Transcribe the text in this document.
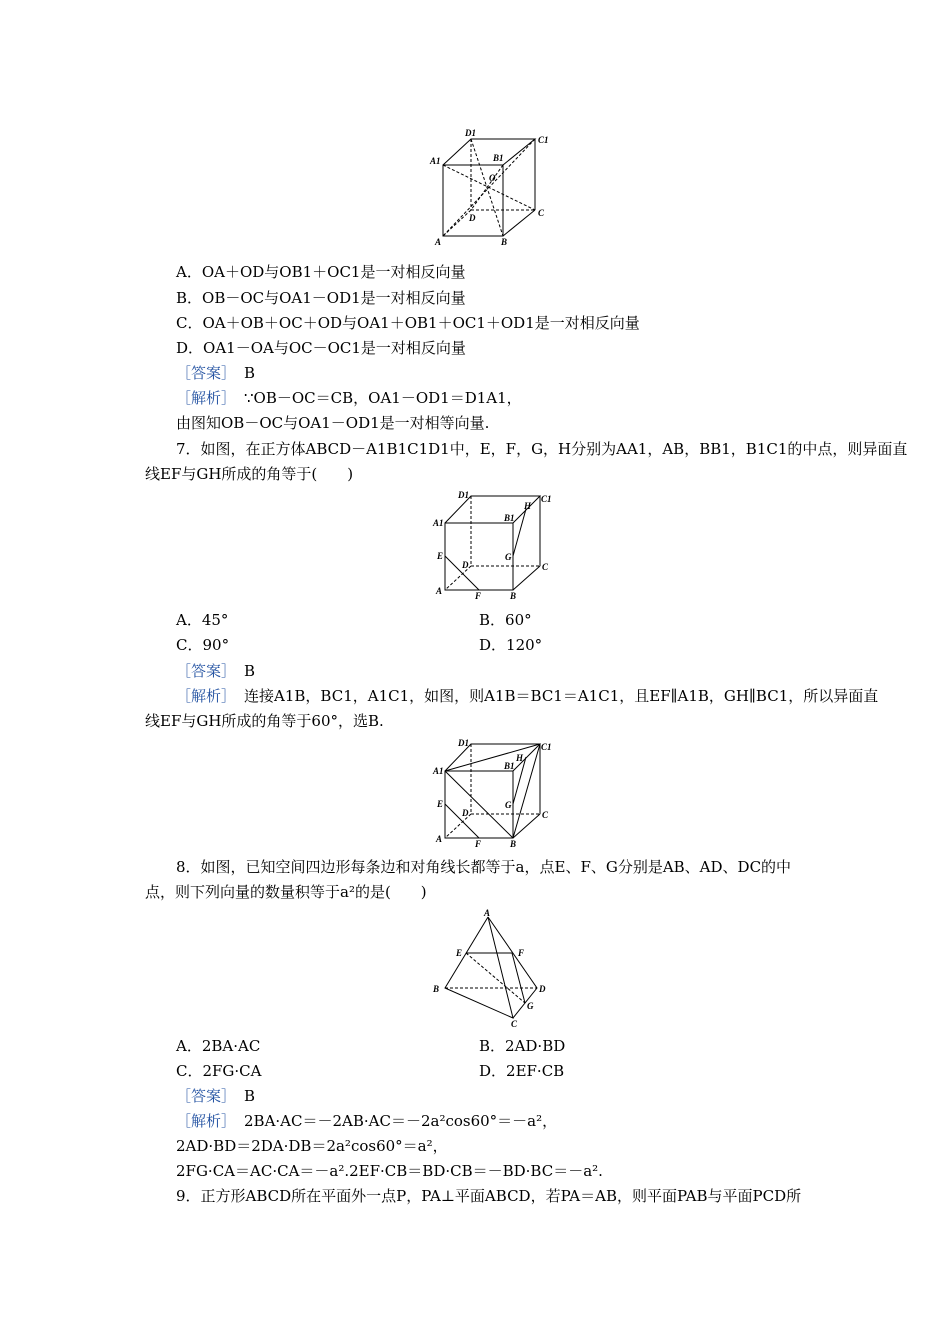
D1
C1
A1	B1
O
D	C
A	B
A．OA＋OD与OB1＋OC1是一对相反向量
B．OB－OC与OA1－OD1是一对相反向量
C．OA＋OB＋OC＋OD与OA1＋OB1＋OC1＋OD1是一对相反向量
D．OA1－OA与OC－OC1是一对相反向量
［答案］ B
［解析］ ∵OB－OC＝CB，OA1－OD1＝D1A1，
由图知OB－OC与OA1－OD1是一对相等向量.
7．如图，在正方体ABCD－A1B1C1D1中，E，F，G，H分别为AA1，AB，BB1，B1C1的中点，则异面直
线EF与GH所成的角等于(　　)
D1	C1
A1	B1
H
E	G
D	C
A	F	B
A．45°	B．60°
C．90°	D．120°
［答案］ B
［解析］ 连接A1B，BC1，A1C1，如图，则A1B＝BC1＝A1C1，且EF∥A1B，GH∥BC1，所以异面直
线EF与GH所成的角等于60°，选B.
D1	C1
A1	B1
H
E	G
D	C
A	F	B
8．如图，已知空间四边形每条边和对角线长都等于a，点E、F、G分别是AB、AD、DC的中
点，则下列向量的数量积等于a²的是(　　)
A
E	F
B	D
G
C
A．2BA·AC	B．2AD·BD
C．2FG·CA	D．2EF·CB
［答案］ B
［解析］ 2BA·AC＝－2AB·AC＝－2a²cos60°＝－a²，
2AD·BD＝2DA·DB＝2a²cos60°＝a²，
2FG·CA＝AC·CA＝－a².2EF·CB＝BD·CB＝－BD·BC＝－a².
9．正方形ABCD所在平面外一点P，PA⊥平面ABCD，若PA＝AB，则平面PAB与平面PCD所
